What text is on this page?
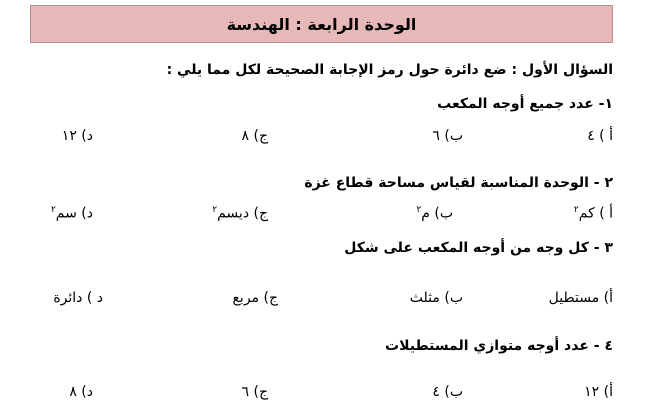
الوحدة الرابعة : الهندسة
السؤال الأول : ضع دائرة حول رمز الإجابة الصحيحة لكل مما يلي :
١- عدد جميع أوجه المكعب
أ ) ٤
ب) ٦
ج) ٨
د) ١٢
٢ - الوحدة المناسبة لقياس مساحة قطاع غزة
أ ) كم$^٢$
ب) م$^٢$
ج) ديسم$^٢$
د) سم$^٢$
٣ - كل وجه من أوجه المكعب على شكل
أ) مستطيل
ب) مثلث
ج) مربع
د ) دائرة
٤ - عدد أوجه متوازي المستطيلات
أ) ١٢
ب) ٤
ج) ٦
د) ٨
